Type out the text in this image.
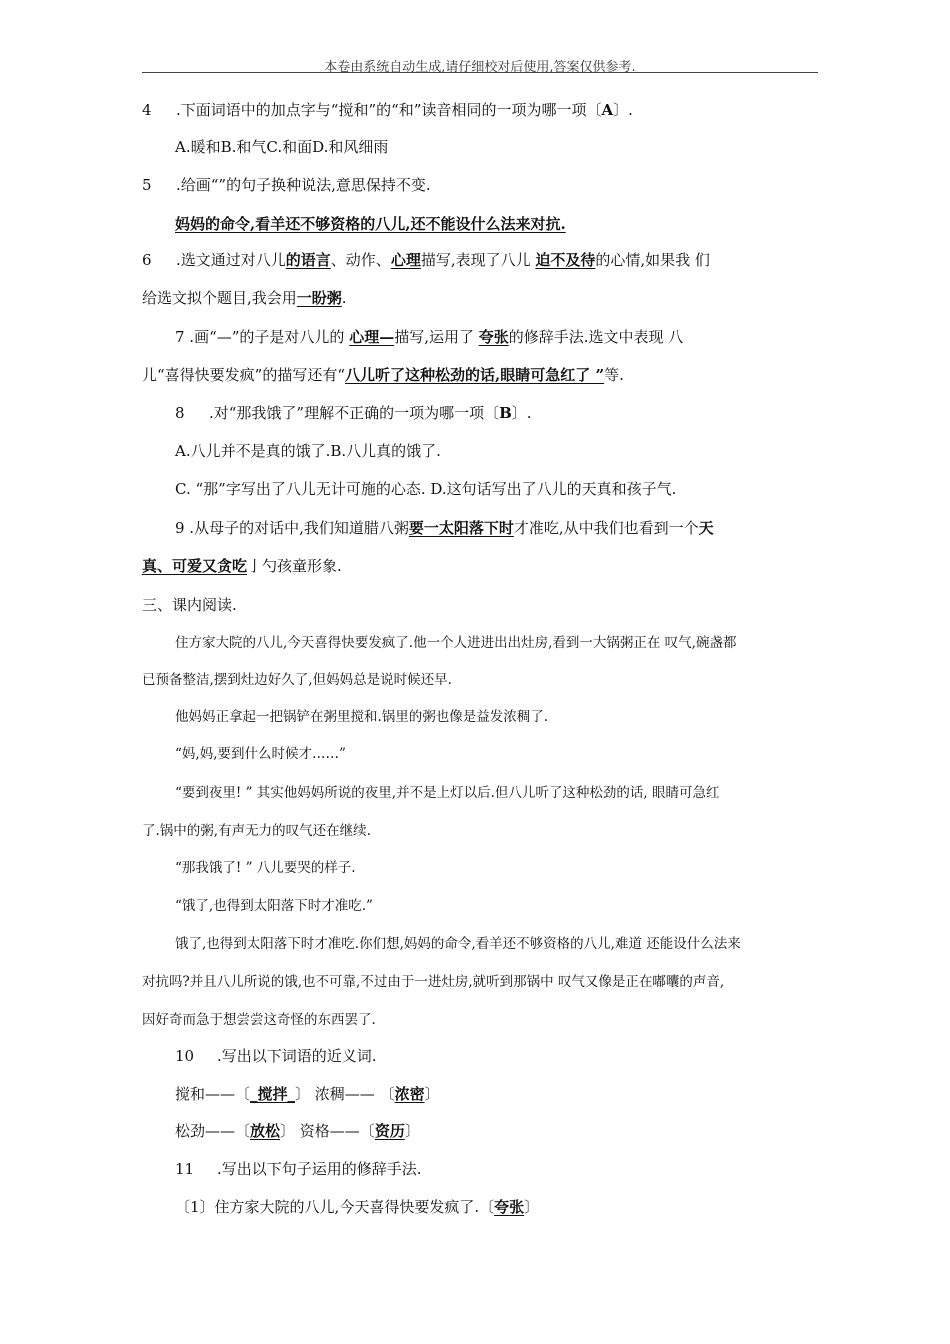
本卷由系统自动生成,请仔细校对后使用,答案仅供参考.
4 .下面词语中的加点字与“搅和”的“和”读音相同的一项为哪一项〔A〕.
A.暖和B.和气C.和面D.和风细雨
5 .给画“”的句子换种说法,意思保持不变.
妈妈的命令,看羊还不够资格的八儿,还不能设什么法来对抗.
6 .选文通过对八儿的语言、动作、心理描写,表现了八儿 迫不及待的心情,如果我 们
给选文拟个题目,我会用一盼粥.
7 .画“—”的子是对八儿的 心理—描写,运用了 夸张的修辞手法.选文中表现 八
儿“喜得快要发疯”的描写还有“八儿听了这种松劲的话,眼睛可急红了 ”等.
8 .对“那我饿了”理解不正确的一项为哪一项〔B〕.
A.八儿并不是真的饿了.B.八儿真的饿了.
C. “那”字写出了八儿无计可施的心态. D.这句话写出了八儿的天真和孩子气.
9 .从母子的对话中,我们知道腊八粥要一太阳落下时才准吃,从中我们也看到一个天
真、可爱又贪吃亅勺孩童形象.
三、课内阅读.
住方家大院的八儿,今天喜得快要发疯了.他一个人进进出出灶房,看到一大锅粥正在 叹气,碗盏都
已预备整洁,摆到灶边好久了,但妈妈总是说时候还早.
他妈妈正拿起一把锅铲在粥里搅和.锅里的粥也像是益发浓稠了.
“妈,妈,要到什么时候才……”
“要到夜里! ” 其实他妈妈所说的夜里,并不是上灯以后.但八儿听了这种松劲的话, 眼睛可急红
了.锅中的粥,有声无力的叹气还在继续.
“那我饿了! ” 八儿要哭的样子.
“饿了,也得到太阳落下时才准吃.”
饿了,也得到太阳落下时才准吃.你们想,妈妈的命令,看羊还不够资格的八儿,难道 还能设什么法来
对抗吗?并且八儿所说的饿,也不可靠,不过由于一进灶房,就听到那锅中 叹气又像是正在嘟囔的声音,
因好奇而急于想尝尝这奇怪的东西罢了.
10 .写出以下词语的近义词.
搅和——〔_搅拌_〕 浓稠—— 〔浓密〕
松劲——〔放松〕 资格——〔资历〕
11 .写出以下句子运用的修辞手法.
〔1〕住方家大院的八儿,今天喜得快要发疯了.〔夸张〕
